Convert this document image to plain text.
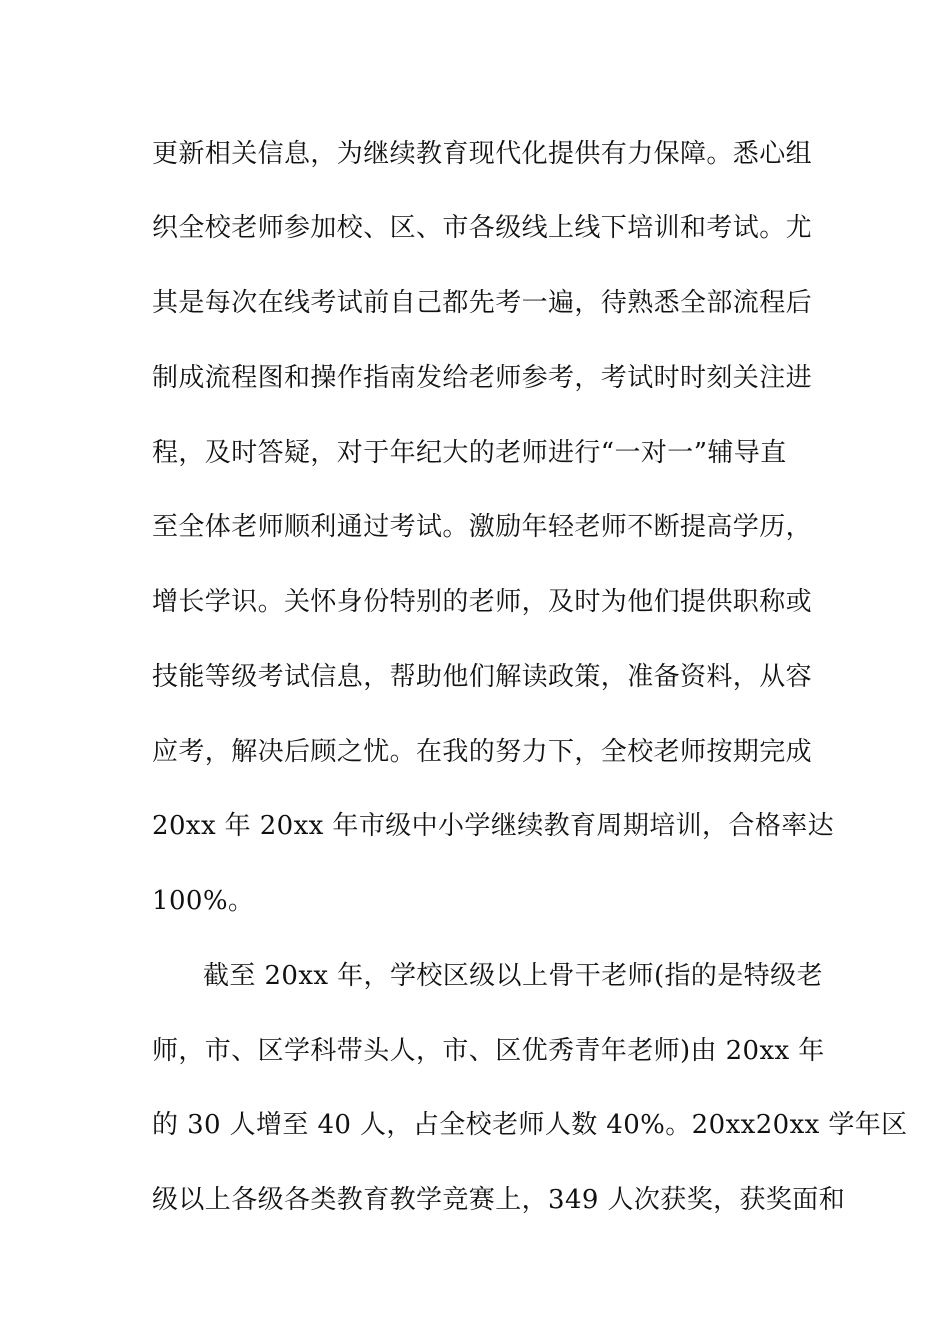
更新相关信息，为继续教育现代化提供有力保障。悉心组
织全校老师参加校、区、市各级线上线下培训和考试。尤
其是每次在线考试前自己都先考一遍，待熟悉全部流程后
制成流程图和操作指南发给老师参考，考试时时刻关注进
程，及时答疑，对于年纪大的老师进行“一对一”辅导直
至全体老师顺利通过考试。激励年轻老师不断提高学历，
增长学识。关怀身份特别的老师，及时为他们提供职称或
技能等级考试信息，帮助他们解读政策，准备资料，从容
应考，解决后顾之忧。在我的努力下，全校老师按期完成
20xx 年 20xx 年市级中小学继续教育周期培训，合格率达
100%。
截至 20xx 年，学校区级以上骨干老师(指的是特级老
师，市、区学科带头人，市、区优秀青年老师)由 20xx 年
的 30 人增至 40 人，占全校老师人数 40%。20xx20xx 学年区
级以上各级各类教育教学竞赛上，349 人次获奖，获奖面和
